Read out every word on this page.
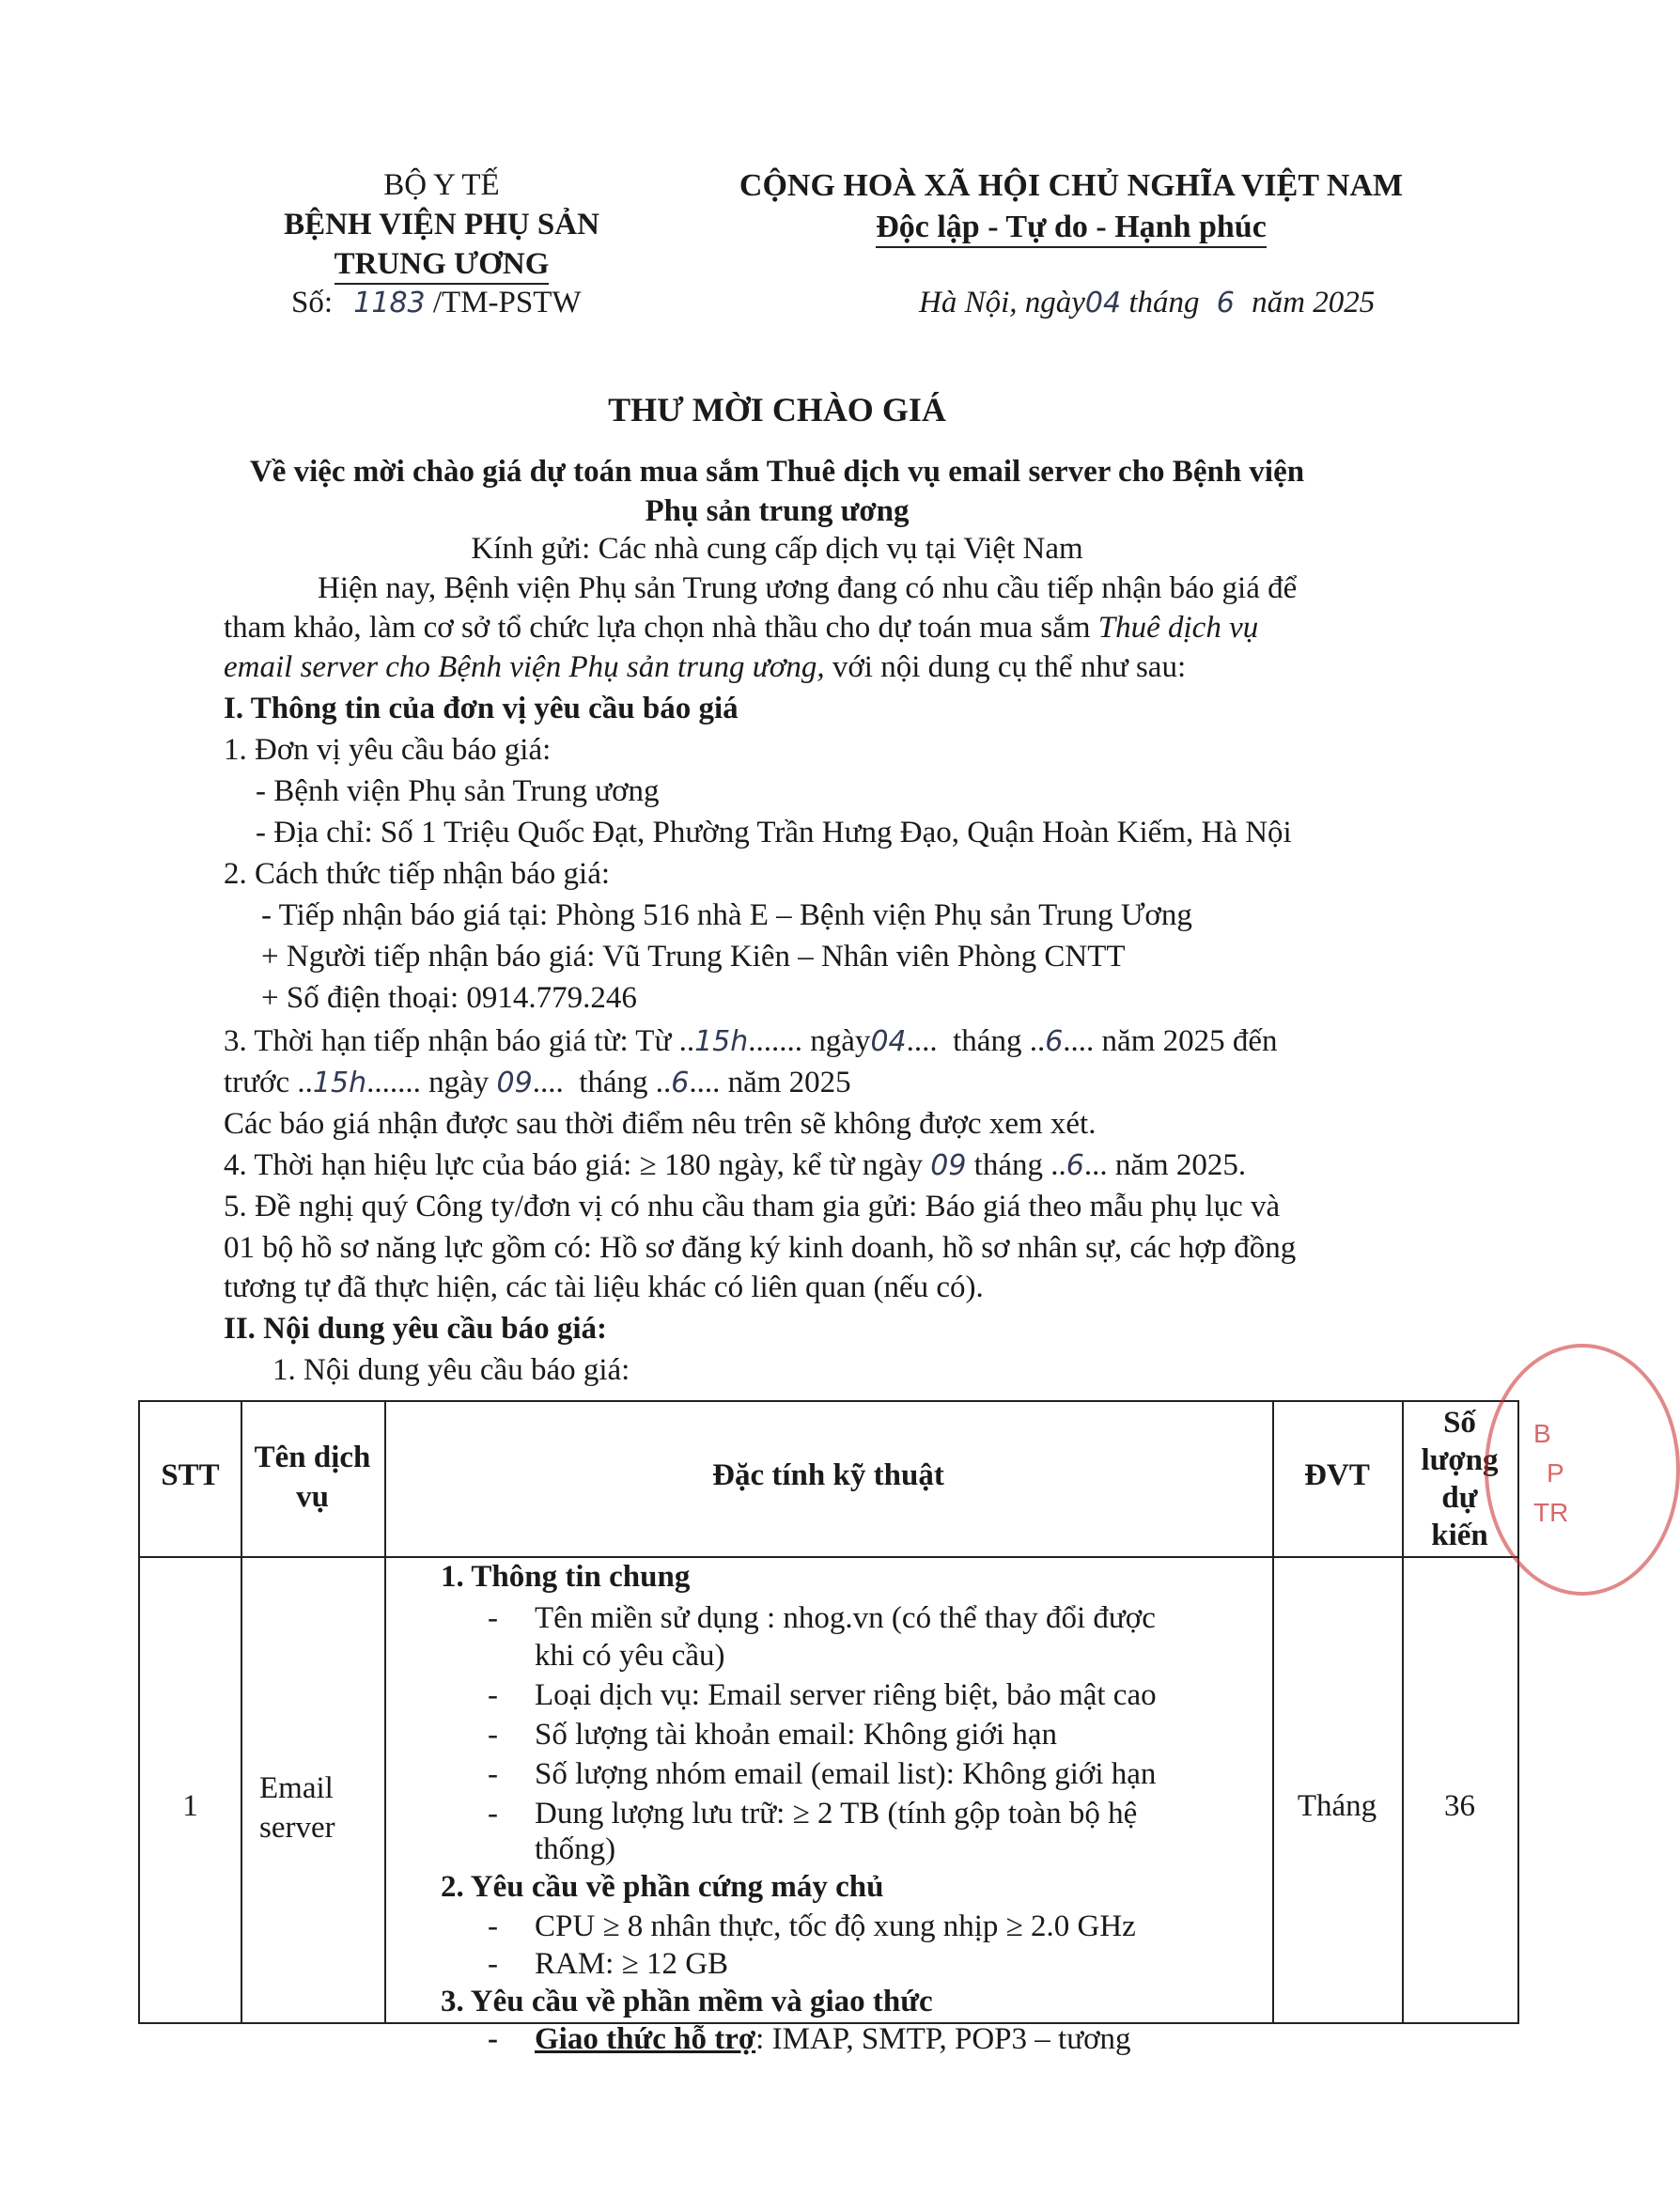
BỘ Y TẾ
BỆNH VIỆN PHỤ SẢN
TRUNG ƯƠNG
Số: 1183 /TM-PSTW
CỘNG HOÀ XÃ HỘI CHỦ NGHĨA VIỆT NAM
Độc lập - Tự do - Hạnh phúc
Hà Nội, ngày04 tháng 6 năm 2025
THƯ MỜI CHÀO GIÁ
Về việc mời chào giá dự toán mua sắm Thuê dịch vụ email server cho Bệnh viện
Phụ sản trung ương
Kính gửi: Các nhà cung cấp dịch vụ tại Việt Nam
Hiện nay, Bệnh viện Phụ sản Trung ương đang có nhu cầu tiếp nhận báo giá để
tham khảo, làm cơ sở tổ chức lựa chọn nhà thầu cho dự toán mua sắm Thuê dịch vụ
email server cho Bệnh viện Phụ sản trung ương, với nội dung cụ thể như sau:
I. Thông tin của đơn vị yêu cầu báo giá
1. Đơn vị yêu cầu báo giá:
- Bệnh viện Phụ sản Trung ương
- Địa chỉ: Số 1 Triệu Quốc Đạt, Phường Trần Hưng Đạo, Quận Hoàn Kiếm, Hà Nội
2. Cách thức tiếp nhận báo giá:
- Tiếp nhận báo giá tại: Phòng 516 nhà E – Bệnh viện Phụ sản Trung Ương
+ Người tiếp nhận báo giá: Vũ Trung Kiên – Nhân viên Phòng CNTT
+ Số điện thoại: 0914.779.246
3. Thời hạn tiếp nhận báo giá từ: Từ ..15h....... ngày04....  tháng ..6.... năm 2025 đến
trước ..15h....... ngày 09....  tháng ..6.... năm 2025
Các báo giá nhận được sau thời điểm nêu trên sẽ không được xem xét.
4. Thời hạn hiệu lực của báo giá: ≥ 180 ngày, kể từ ngày 09 tháng ..6... năm 2025.
5. Đề nghị quý Công ty/đơn vị có nhu cầu tham gia gửi: Báo giá theo mẫu phụ lục và
01 bộ hồ sơ năng lực gồm có: Hồ sơ đăng ký kinh doanh, hồ sơ nhân sự, các hợp đồng
tương tự đã thực hiện, các tài liệu khác có liên quan (nếu có).
II. Nội dung yêu cầu báo giá:
1. Nội dung yêu cầu báo giá:
STT
Tên dịch
vụ
Đặc tính kỹ thuật	ĐVT
Số
lượng
dự
kiến
1
Email
server
Tháng	36
1. Thông tin chung
- Tên miền sử dụng : nhog.vn (có thể thay đổi được
khi có yêu cầu)
- Loại dịch vụ: Email server riêng biệt, bảo mật cao
- Số lượng tài khoản email: Không giới hạn
- Số lượng nhóm email (email list): Không giới hạn
- Dung lượng lưu trữ: ≥ 2 TB (tính gộp toàn bộ hệ
thống)
2. Yêu cầu về phần cứng máy chủ
- CPU ≥ 8 nhân thực, tốc độ xung nhịp ≥ 2.0 GHz
- RAM: ≥ 12 GB
3. Yêu cầu về phần mềm và giao thức
- Giao thức hỗ trợ: IMAP, SMTP, POP3 – tương
B
P
TR
